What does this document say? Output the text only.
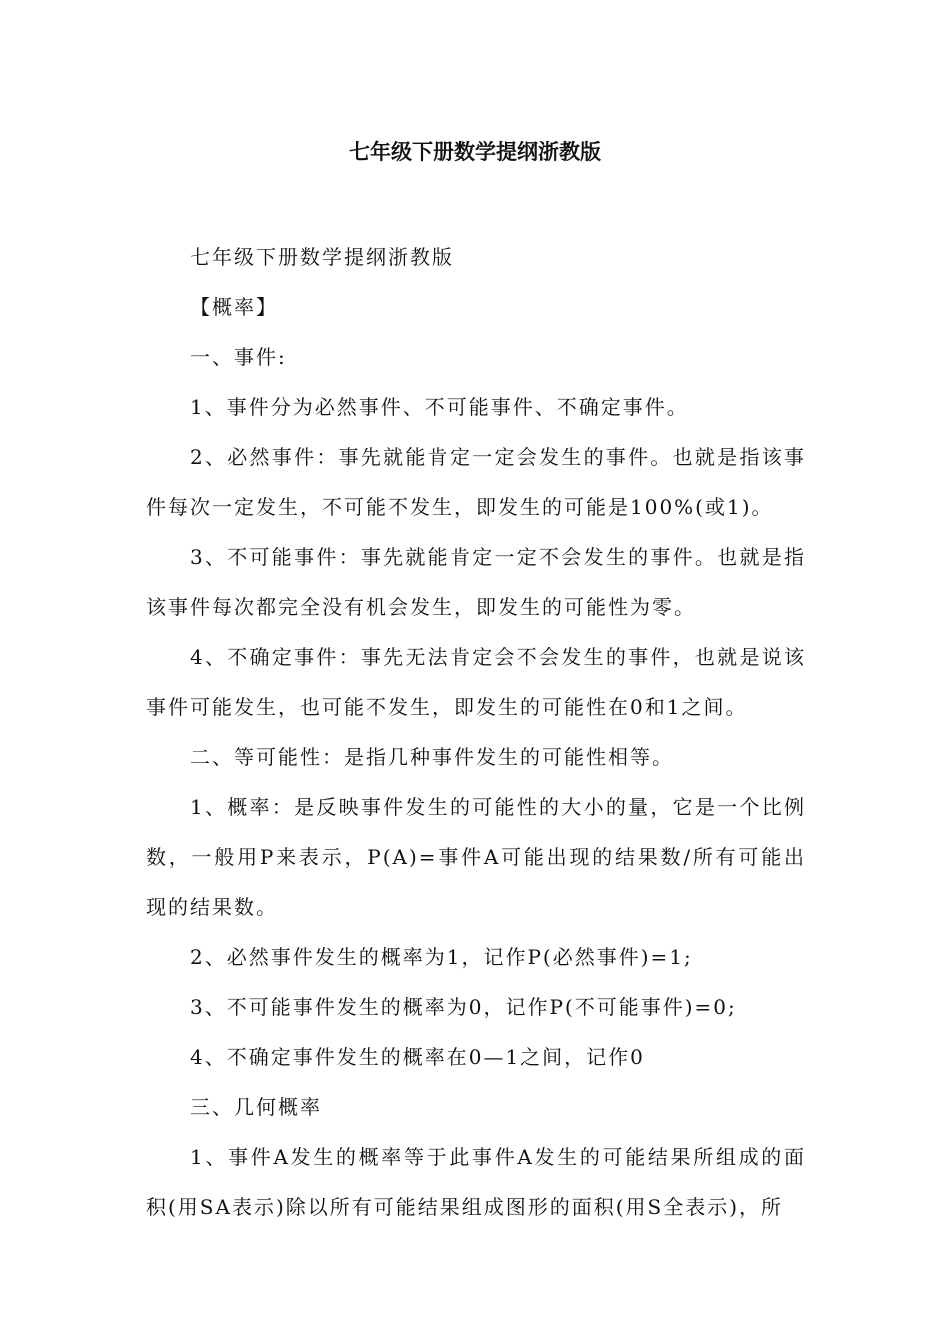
七年级下册数学提纲浙教版

七年级下册数学提纲浙教版

【概率】

一、事件:

1、事件分为必然事件、不可能事件、不确定事件。

2、必然事件：事先就能肯定一定会发生的事件。也就是指该事件每次一定发生，不可能不发生，即发生的可能是100%(或1)。

3、不可能事件：事先就能肯定一定不会发生的事件。也就是指该事件每次都完全没有机会发生，即发生的可能性为零。

4、不确定事件：事先无法肯定会不会发生的事件，也就是说该事件可能发生，也可能不发生，即发生的可能性在0和1之间。

二、等可能性：是指几种事件发生的可能性相等。

1、概率：是反映事件发生的可能性的大小的量，它是一个比例数，一般用P来表示，P(A)=事件A可能出现的结果数/所有可能出现的结果数。

2、必然事件发生的概率为1，记作P(必然事件)=1;

3、不可能事件发生的概率为0，记作P(不可能事件)=0;

4、不确定事件发生的概率在0—1之间，记作0

三、几何概率

1、事件A发生的概率等于此事件A发生的可能结果所组成的面积(用SA表示)除以所有可能结果组成图形的面积(用S全表示)，所
